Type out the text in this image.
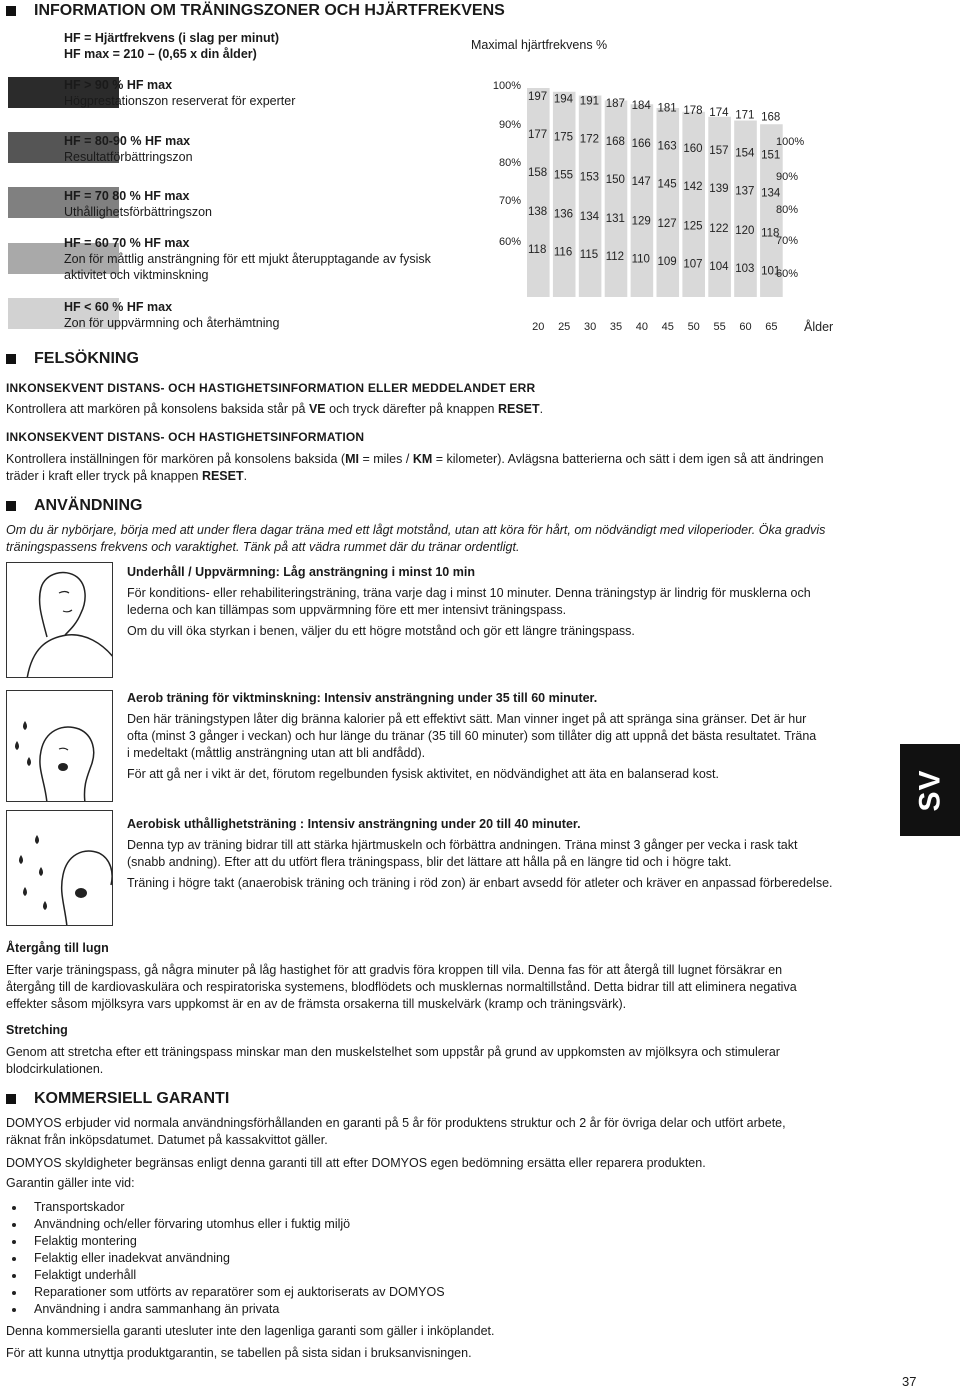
INFORMATION OM TRÄNINGSZONER OCH HJÄRTFREKVENS
HF = Hjärtfrekvens (i slag per minut)
HF max = 210 – (0,65 x din ålder)
HF > 90 % HF max
Högprestationszon reserverat för experter
HF = 80-90 % HF max
Resultatförbättringszon
HF = 70 80 % HF max
Uthållighetsförbättringszon
HF = 60 70 % HF max
Zon för måttlig ansträngning för ett mjukt återupptagande av fysisk
aktivitet och viktminskning
HF < 60 % HF max
Zon för uppvärmning och återhämtning
Maximal hjärtfrekvens %
197
177
158
138
118
20
194
175
155
136
116
25
191
172
153
134
115
30
187
168
150
131
112
35
184
166
147
129
110
40
181
163
145
127
109
45
178
160
142
125
107
50
174
157
139
122
104
55
171
154
137
120
103
60
168
151
134
118
101
65
100%
90%
80%
70%
60%
100%
90%
80%
70%
60%
Ålder
FELSÖKNING
INKONSEKVENT DISTANS- OCH HASTIGHETSINFORMATION ELLER MEDDELANDET ERR
Kontrollera att markören på konsolens baksida står på VE och tryck därefter på knappen RESET.
INKONSEKVENT DISTANS- OCH HASTIGHETSINFORMATION
Kontrollera inställningen för markören på konsolens baksida (MI = miles / KM = kilometer). Avlägsna batterierna och sätt i dem igen så att ändringen
träder i kraft eller tryck på knappen RESET.
ANVÄNDNING
Om du är nybörjare, börja med att under flera dagar träna med ett lågt motstånd, utan att köra för hårt, om nödvändigt med viloperioder. Öka gradvis
träningspassens frekvens och varaktighet. Tänk på att vädra rummet där du tränar ordentligt.

Underhåll / Uppvärmning: Låg ansträngning i minst 10 min

För konditions- eller rehabiliteringsträning, träna varje dag i minst 10 minuter. Denna träningstyp är lindrig för musklerna och
lederna och kan tillämpas som uppvärmning före ett mer intensivt träningspass.

Om du vill öka styrkan i benen, väljer du ett högre motstånd och gör ett längre träningspass.

Aerob träning för viktminskning: Intensiv ansträngning under 35 till 60 minuter.

Den här träningstypen låter dig bränna kalorier på ett effektivt sätt. Man vinner inget på att spränga sina gränser. Det är hur
ofta (minst 3 gånger i veckan) och hur länge du tränar (35 till 60 minuter) som tillåter dig att uppnå det bästa resultatet. Träna
i medeltakt (måttlig ansträngning utan att bli andfådd).

För att gå ner i vikt är det, förutom regelbunden fysisk aktivitet, en nödvändighet att äta en balanserad kost.

Aerobisk uthållighetsträning : Intensiv ansträngning under 20 till 40 minuter.

Denna typ av träning bidrar till att stärka hjärtmuskeln och förbättra andningen. Träna minst 3 gånger per vecka i rask takt
(snabb andning). Efter att du utfört flera träningspass, blir det lättare att hålla på en längre tid och i högre takt.

Träning i högre takt (anaerobisk träning och träning i röd zon) är enbart avsedd för atleter och kräver en anpassad förberedelse.

Återgång till lugn
Efter varje träningspass, gå några minuter på låg hastighet för att gradvis föra kroppen till vila. Denna fas för att återgå till lugnet försäkrar en
återgång till de kardiovaskulära och respiratoriska systemens, blodflödets och musklernas normaltillstånd. Detta bidrar till att eliminera negativa
effekter såsom mjölksyra vars uppkomst är en av de främsta orsakerna till muskelvärk (kramp och träningsvärk).
Stretching
Genom att stretcha efter ett träningspass minskar man den muskelstelhet som uppstår på grund av uppkomsten av mjölksyra och stimulerar
blodcirkulationen.
KOMMERSIELL GARANTI
DOMYOS erbjuder vid normala användningsförhållanden en garanti på 5 år för produktens struktur och 2 år för övriga delar och utfört arbete,
räknat från inköpsdatumet. Datumet på kassakvittot gäller.
DOMYOS skyldigheter begränsas enligt denna garanti till att efter DOMYOS egen bedömning ersätta eller reparera produkten.
Garantin gäller inte vid:
Transportskador
Användning och/eller förvaring utomhus eller i fuktig miljö
Felaktig montering
Felaktig eller inadekvat användning
Felaktigt underhåll
Reparationer som utförts av reparatörer som ej auktoriserats av DOMYOS
Användning i andra sammanhang än privata
Denna kommersiella garanti utesluter inte den lagenliga garanti som gäller i inköplandet.
För att kunna utnyttja produktgarantin, se tabellen på sista sidan i bruksanvisningen.
SV
37
